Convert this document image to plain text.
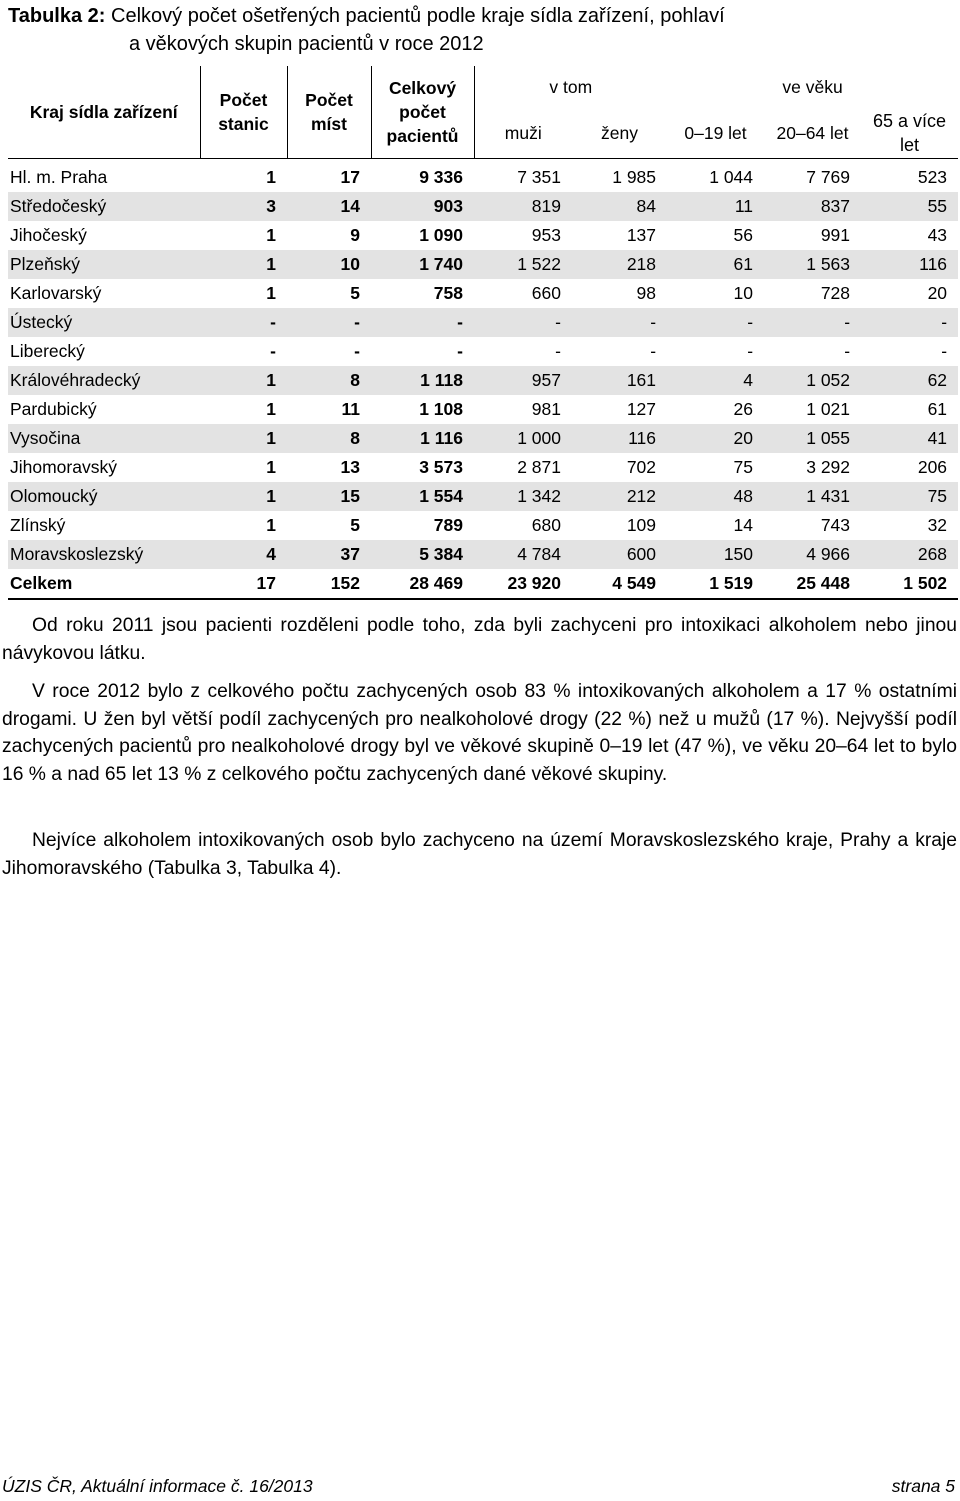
Tabulka 2: Celkový počet ošetřených pacientů podle kraje sídla zařízení, pohlaví
a věkových skupin pacientů v roce 2012
Kraj sídla zařízení	Počet stanic	Počet míst	Celkový počet pacientů	v tom		ve věku		
				muži	ženy	0–19 let	20–64 let	65 a více let
Hl. m. Praha	1	17	9 336	7 351	1 985	1 044	7 769	523
Středočeský	3	14	903	819	84	11	837	55
Jihočeský	1	9	1 090	953	137	56	991	43
Plzeňský	1	10	1 740	1 522	218	61	1 563	116
Karlovarský	1	5	758	660	98	10	728	20
Ústecký	-	-	-	-	-	-	-	-
Liberecký	-	-	-	-	-	-	-	-
Královéhradecký	1	8	1 118	957	161	4	1 052	62
Pardubický	1	11	1 108	981	127	26	1 021	61
Vysočina	1	8	1 116	1 000	116	20	1 055	41
Jihomoravský	1	13	3 573	2 871	702	75	3 292	206
Olomoucký	1	15	1 554	1 342	212	48	1 431	75
Zlínský	1	5	789	680	109	14	743	32
Moravskoslezský	4	37	5 384	4 784	600	150	4 966	268
Celkem	17	152	28 469	23 920	4 549	1 519	25 448	1 502
Od roku 2011 jsou pacienti rozděleni podle toho, zda byli zachyceni pro intoxikaci alkoholem nebo jinou návykovou látku.
V roce 2012 bylo z celkového počtu zachycených osob 83 % intoxikovaných alkoholem a 17 % ostatními drogami. U žen byl větší podíl zachycených pro nealkoholové drogy (22 %) než u mužů (17 %). Nejvyšší podíl zachycených pacientů pro nealkoholové drogy byl ve věkové skupině 0–19 let (47 %), ve věku 20–64 let to bylo 16 % a nad 65 let 13 % z celkového počtu zachycených dané věkové skupiny.
Nejvíce alkoholem intoxikovaných osob bylo zachyceno na území Moravskoslezského kraje, Prahy a kraje Jihomoravského (Tabulka 3, Tabulka 4).
ÚZIS ČR, Aktuální informace č. 16/2013	strana 5
